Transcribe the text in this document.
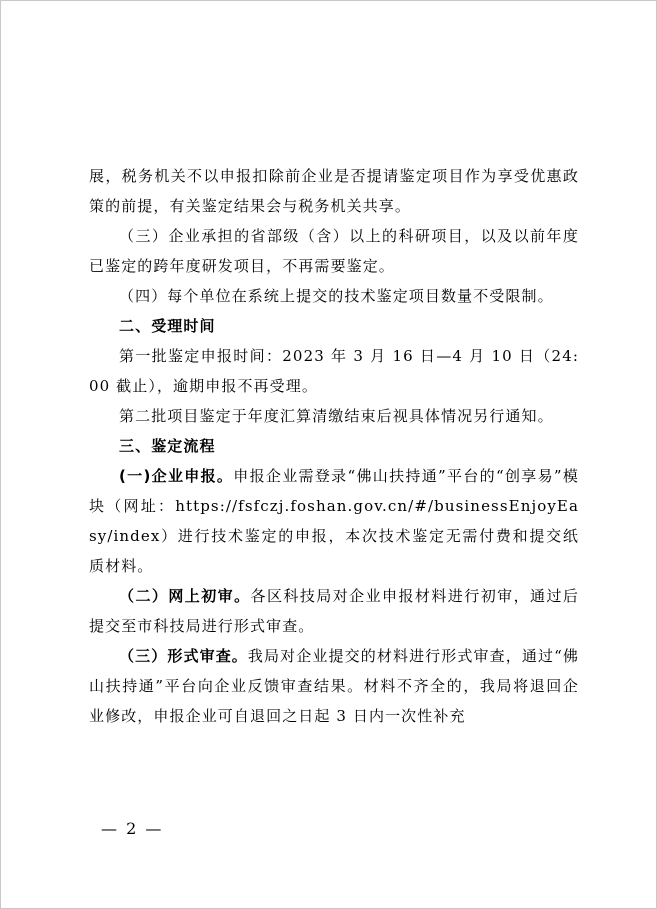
展，税务机关不以申报扣除前企业是否提请鉴定项目作为享受优惠政策的前提，有关鉴定结果会与税务机关共享。

（三）企业承担的省部级（含）以上的科研项目，以及以前年度已鉴定的跨年度研发项目，不再需要鉴定。

（四）每个单位在系统上提交的技术鉴定项目数量不受限制。

二、受理时间

第一批鉴定申报时间：2023 年 3 月 16 日—4 月 10 日（24:00 截止），逾期申报不再受理。

第二批项目鉴定于年度汇算清缴结束后视具体情况另行通知。

三、鉴定流程

(一)企业申报。申报企业需登录“佛山扶持通”平台的“创享易”模块（网址：https://fsfczj.foshan.gov.cn/#/businessEnjoyEasy/index）进行技术鉴定的申报，本次技术鉴定无需付费和提交纸质材料。

（二）网上初审。各区科技局对企业申报材料进行初审，通过后提交至市科技局进行形式审查。

（三）形式审查。我局对企业提交的材料进行形式审查，通过“佛山扶持通”平台向企业反馈审查结果。材料不齐全的，我局将退回企业修改，申报企业可自退回之日起 3 日内一次性补充

— 2 —
